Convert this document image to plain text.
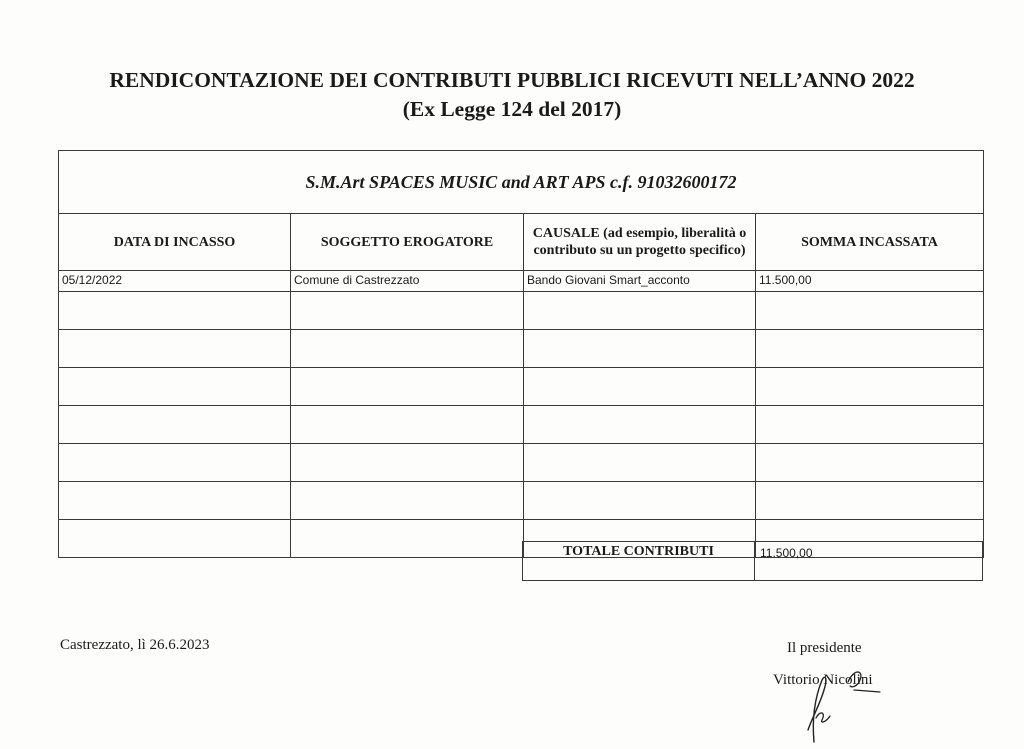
RENDICONTAZIONE DEI CONTRIBUTI PUBBLICI RICEVUTI NELL’ANNO 2022
(Ex Legge 124 del 2017)
S.M.Art SPACES MUSIC and ART APS c.f. 91032600172			
DATA DI INCASSO	SOGGETTO EROGATORE	CAUSALE (ad esempio, liberalità o contributo su un progetto specifico)	SOMMA INCASSATA
05/12/2022	Comune di Castrezzato	Bando Giovani Smart_acconto	11.500,00

TOTALE CONTRIBUTI	11.500,00
Castrezzato, lì 26.6.2023	Il presidente

Vittorio Nicolini
